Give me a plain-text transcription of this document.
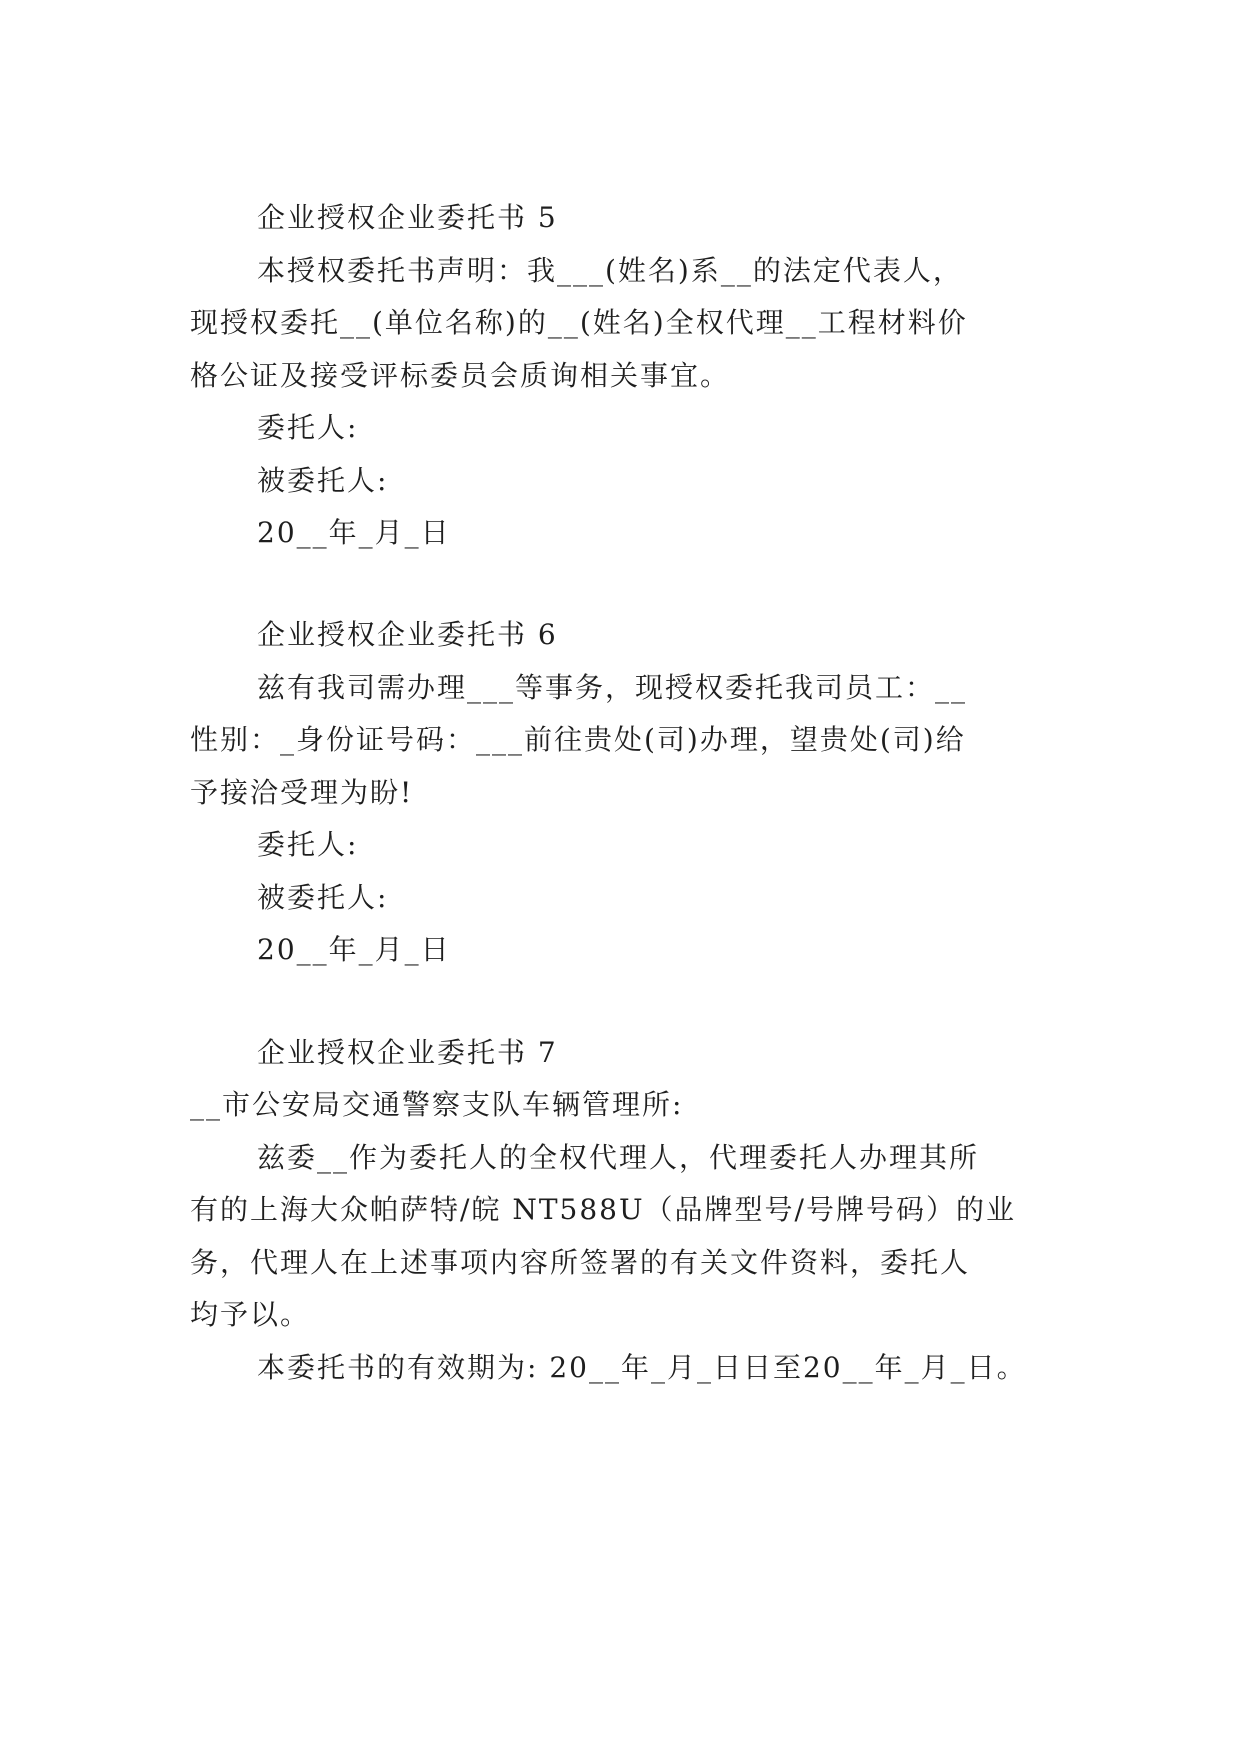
企业授权企业委托书 5
本授权委托书声明：我___(姓名)系__的法定代表人，
现授权委托__(单位名称)的__(姓名)全权代理__工程材料价
格公证及接受评标委员会质询相关事宜。
委托人:
被委托人:
20__年_月_日
企业授权企业委托书 6
兹有我司需办理___等事务，现授权委托我司员工：__
性别：_身份证号码：___前往贵处(司)办理，望贵处(司)给
予接洽受理为盼!
委托人:
被委托人:
20__年_月_日
企业授权企业委托书 7
__市公安局交通警察支队车辆管理所:
兹委__作为委托人的全权代理人，代理委托人办理其所
有的上海大众帕萨特/皖 NT588U（品牌型号/号牌号码）的业
务，代理人在上述事项内容所签署的有关文件资料，委托人
均予以。
本委托书的有效期为: 20__年_月_日日至20__年_月_日。
